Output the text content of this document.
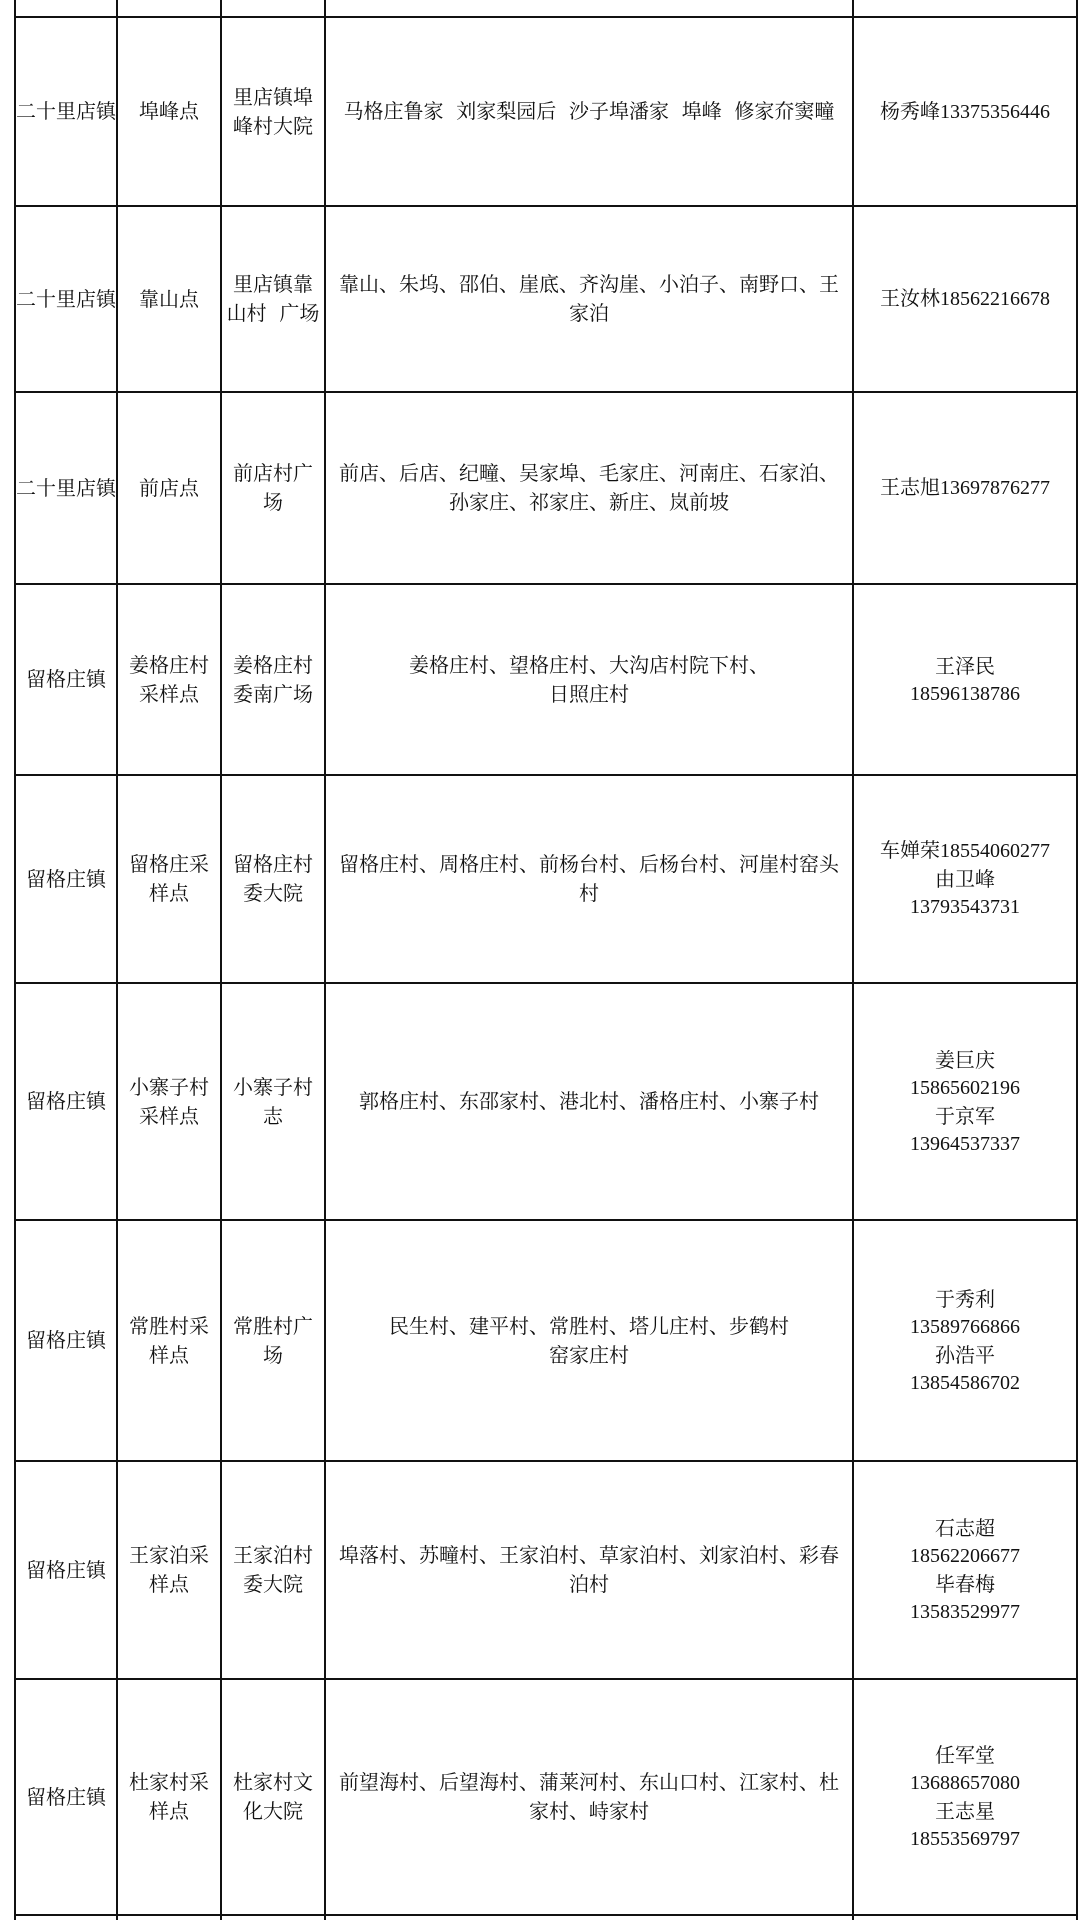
二十里店镇 埠峰点
里店镇埠
峰村大院
马格庄鲁家  刘家梨园后  沙子埠潘家  埠峰  修家夼窦疃 杨秀峰13375356446
二十里店镇 靠山点
里店镇靠
山村  广场
靠山、朱坞、邵伯、崖底、齐沟崖、小泊子、南野口、王
家泊
王汝林18562216678
二十里店镇 前店点
前店村广
场
前店、后店、纪疃、吴家埠、毛家庄、河南庄、石家泊、
孙家庄、祁家庄、新庄、岚前坡
王志旭13697876277
留格庄镇
姜格庄村
采样点
姜格庄村
委南广场
姜格庄村、望格庄村、大沟店村院下村、
日照庄村
王泽民
18596138786
留格庄镇
留格庄采
样点
留格庄村
委大院
留格庄村、周格庄村、前杨台村、后杨台村、河崖村窑头
村
车婵荣18554060277
由卫峰
13793543731
留格庄镇
小寨子村
采样点
小寨子村
志
郭格庄村、东邵家村、港北村、潘格庄村、小寨子村
姜巨庆
15865602196
于京军
13964537337
留格庄镇
常胜村采
样点
常胜村广
场
民生村、建平村、常胜村、塔儿庄村、步鹤村
窑家庄村
于秀利
13589766866
孙浩平
13854586702
留格庄镇
王家泊采
样点
王家泊村
委大院
埠落村、苏疃村、王家泊村、草家泊村、刘家泊村、彩春
泊村
石志超
18562206677
毕春梅
13583529977
留格庄镇
杜家村采
样点
杜家村文
化大院
前望海村、后望海村、蒲莱河村、东山口村、江家村、杜
家村、峙家村
任军堂
13688657080
王志星
18553569797
